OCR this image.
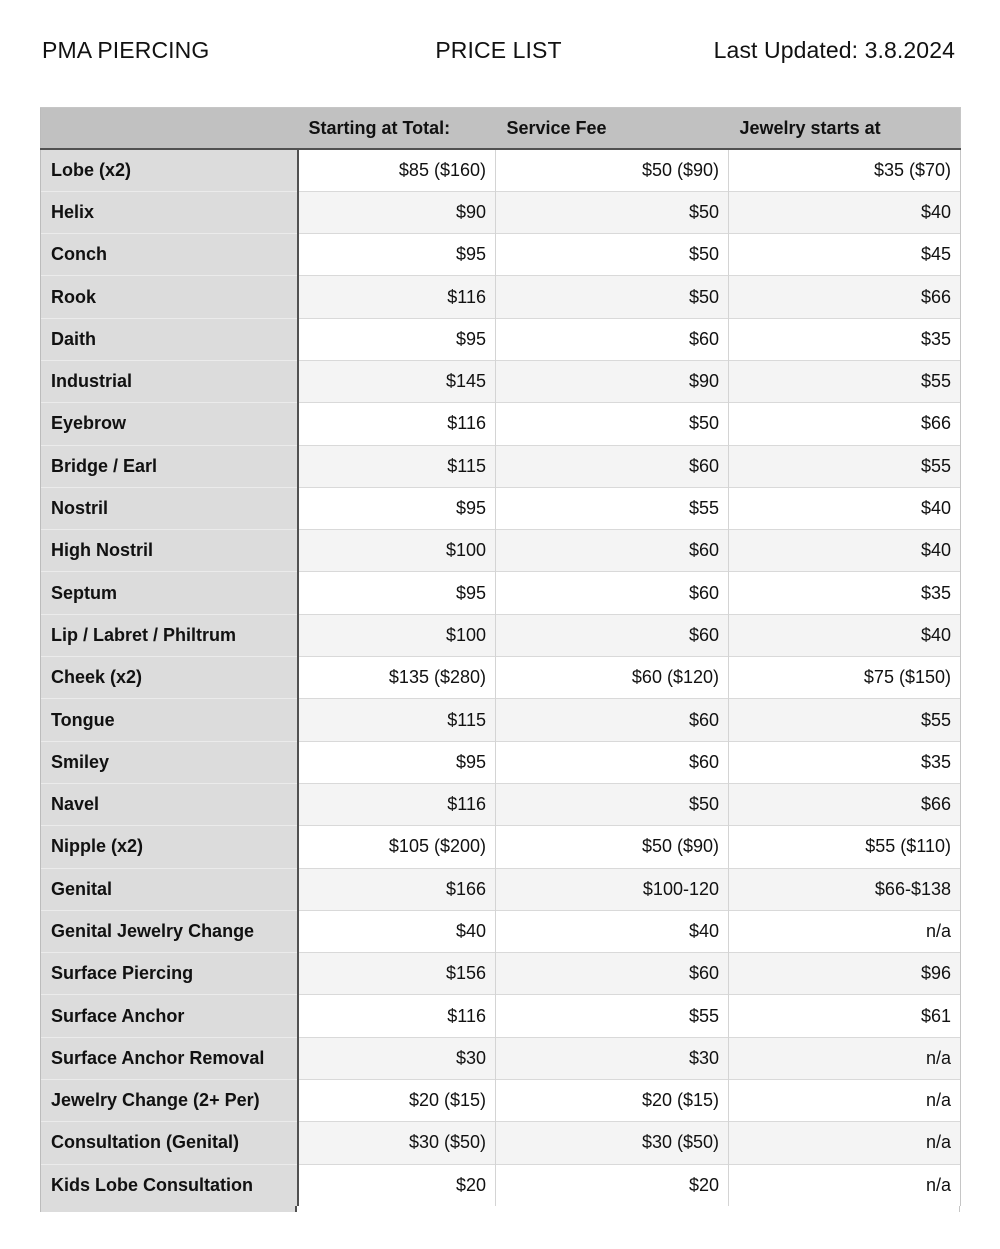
PMA PIERCING	PRICE LIST	Last Updated: 3.8.2024
	Starting at Total:	Service Fee	Jewelry starts at
Lobe (x2)	$85 ($160)	$50 ($90)	$35 ($70)
Helix	$90	$50	$40
Conch	$95	$50	$45
Rook	$116	$50	$66
Daith	$95	$60	$35
Industrial	$145	$90	$55
Eyebrow	$116	$50	$66
Bridge / Earl	$115	$60	$55
Nostril	$95	$55	$40
High Nostril	$100	$60	$40
Septum	$95	$60	$35
Lip / Labret / Philtrum	$100	$60	$40
Cheek (x2)	$135 ($280)	$60 ($120)	$75 ($150)
Tongue	$115	$60	$55
Smiley	$95	$60	$35
Navel	$116	$50	$66
Nipple (x2)	$105 ($200)	$50 ($90)	$55 ($110)
Genital	$166	$100-120	$66-$138
Genital Jewelry Change	$40	$40	n/a
Surface Piercing	$156	$60	$96
Surface Anchor	$116	$55	$61
Surface Anchor Removal	$30	$30	n/a
Jewelry Change (2+ Per)	$20 ($15)	$20 ($15)	n/a
Consultation (Genital)	$30 ($50)	$30 ($50)	n/a
Kids Lobe Consultation	$20	$20	n/a
